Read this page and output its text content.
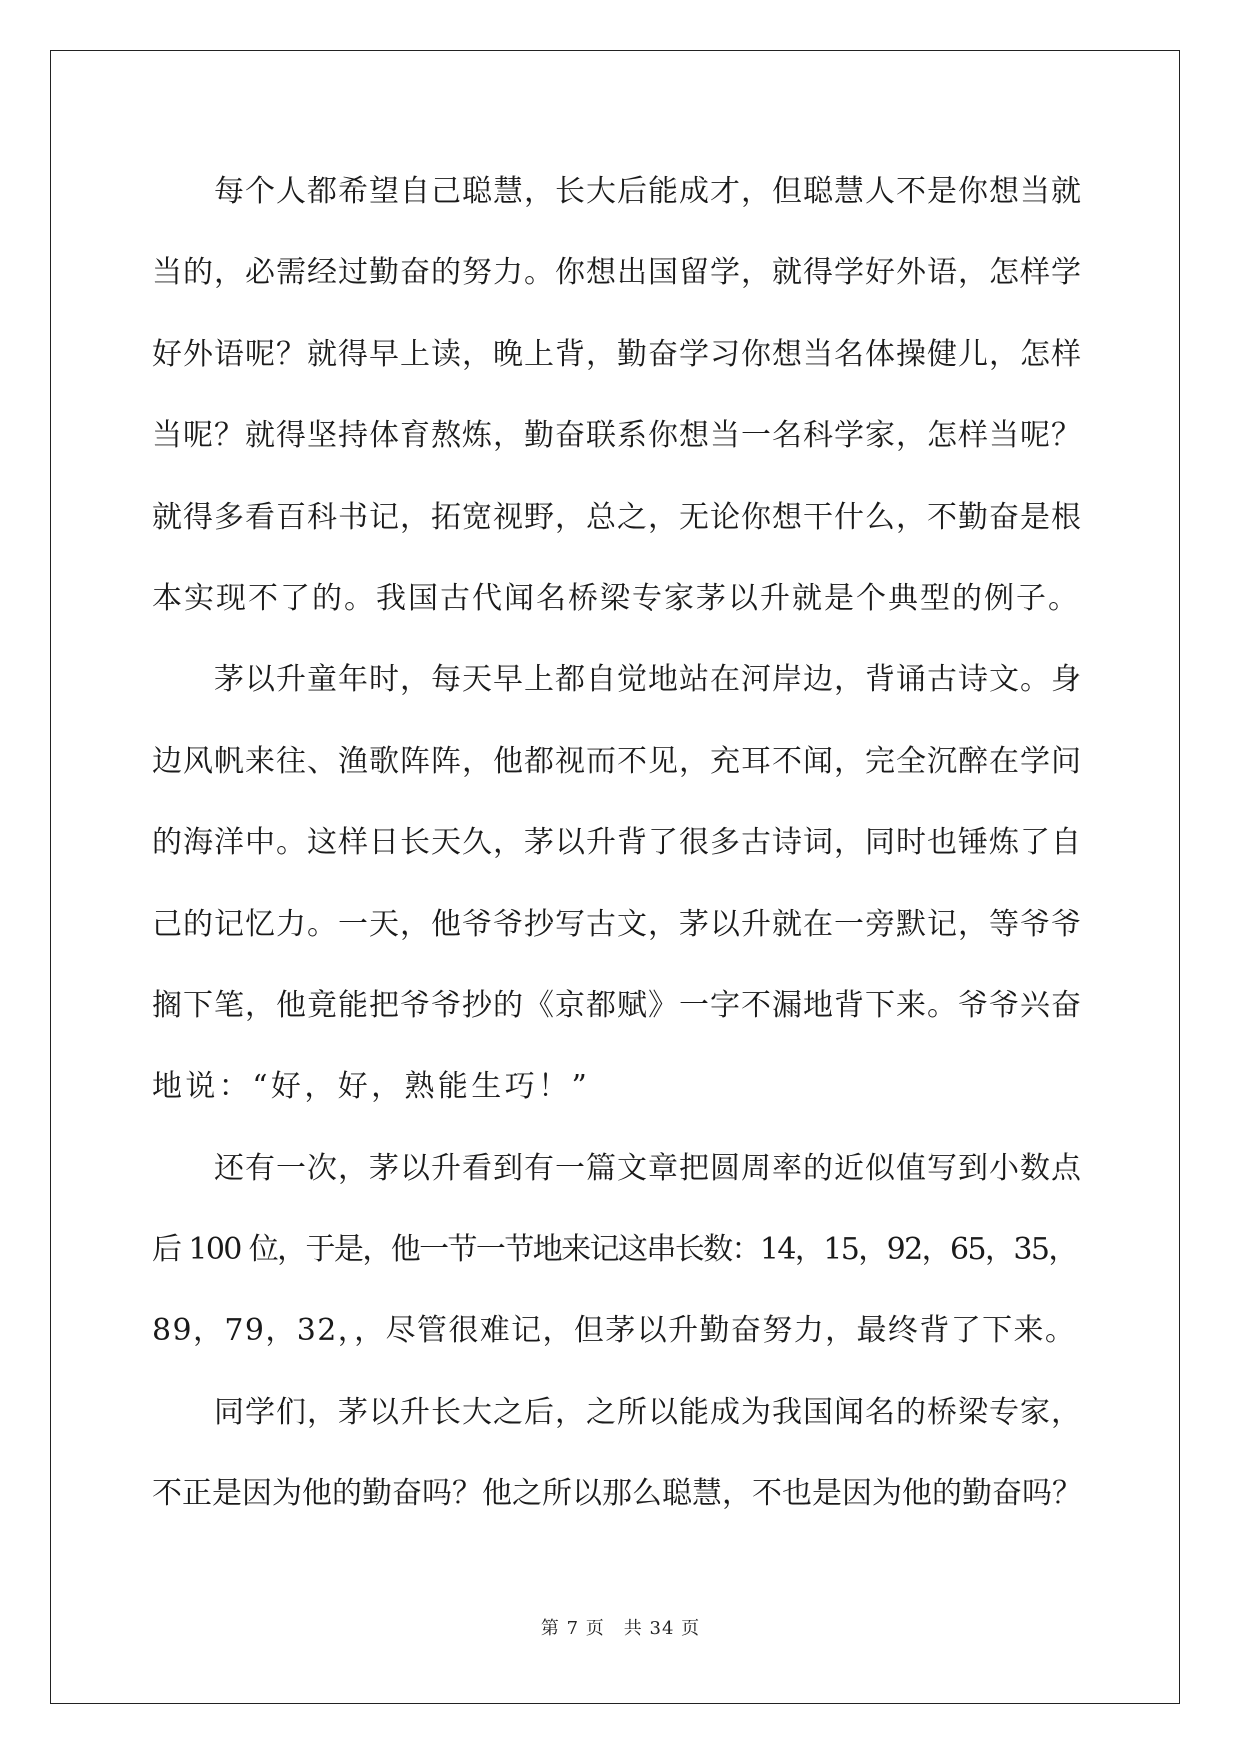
每个人都希望自己聪慧，长大后能成才，但聪慧人不是你想当就
当的，必需经过勤奋的努力。你想出国留学，就得学好外语，怎样学
好外语呢？就得早上读，晚上背，勤奋学习你想当名体操健儿，怎样
当呢？就得坚持体育熬炼，勤奋联系你想当一名科学家，怎样当呢？
就得多看百科书记，拓宽视野，总之，无论你想干什么，不勤奋是根
本实现不了的。我国古代闻名桥梁专家茅以升就是个典型的例子。
茅以升童年时，每天早上都自觉地站在河岸边，背诵古诗文。身
边风帆来往、渔歌阵阵，他都视而不见，充耳不闻，完全沉醉在学问
的海洋中。这样日长天久，茅以升背了很多古诗词，同时也锤炼了自
己的记忆力。一天，他爷爷抄写古文，茅以升就在一旁默记，等爷爷
搁下笔，他竟能把爷爷抄的《京都赋》一字不漏地背下来。爷爷兴奋
地说：“好，好，熟能生巧！”
还有一次，茅以升看到有一篇文章把圆周率的近似值写到小数点
后 100 位，于是，他一节一节地来记这串长数：14，15，92，65，35，
89，79，32，，尽管很难记，但茅以升勤奋努力，最终背了下来。
同学们，茅以升长大之后，之所以能成为我国闻名的桥梁专家，
不正是因为他的勤奋吗？他之所以那么聪慧，不也是因为他的勤奋吗？
第 7 页　共 34 页
